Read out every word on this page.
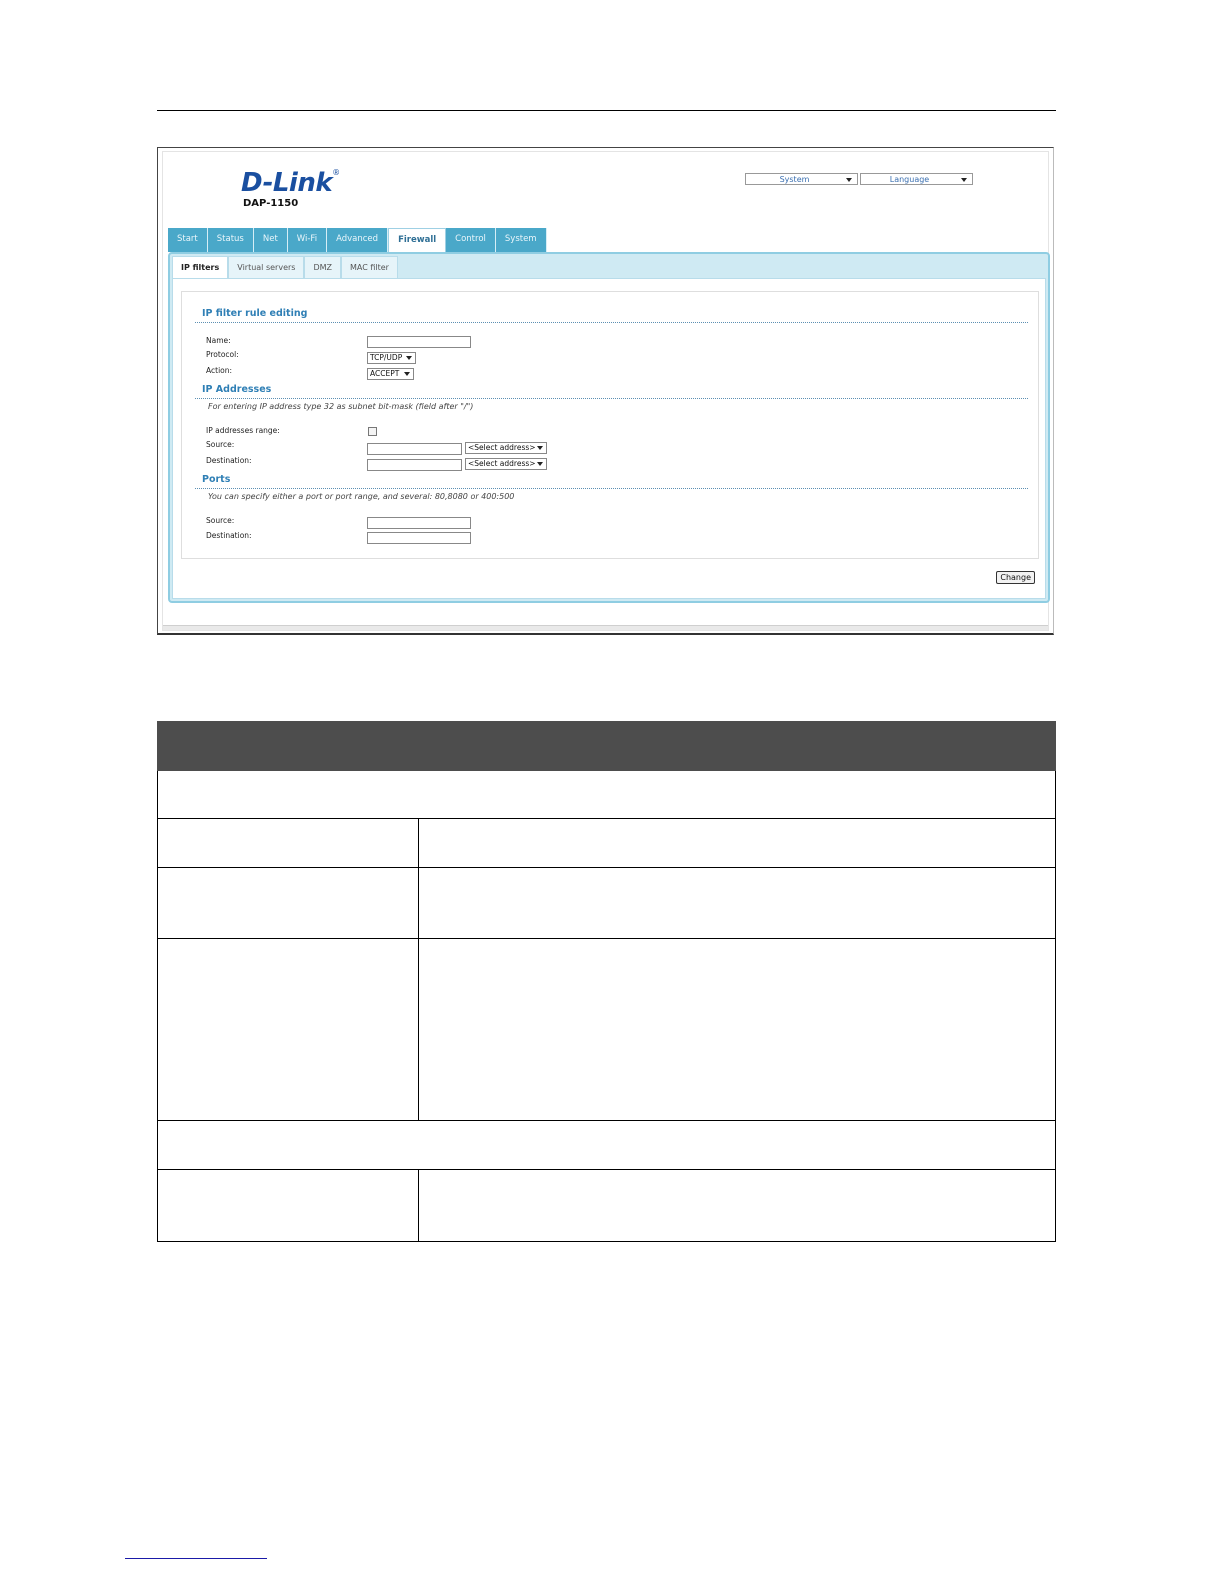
D-Link®
DAP-1150
System	Language
Start	Status	Net	Wi-Fi	Advanced	Firewall	Control	System
IP filters	Virtual servers	DMZ	MAC filter
IP filter rule editing
Name:
Protocol:	TCP/UDP
Action:	ACCEPT
IP Addresses
For entering IP address type 32 as subnet bit-mask (field after "/")
IP addresses range:
Source:	<Select address>
Destination:	<Select address>
Ports
You can specify either a port or port range, and several: 80,8080 or 400:500
Source:
Destination:
Change
